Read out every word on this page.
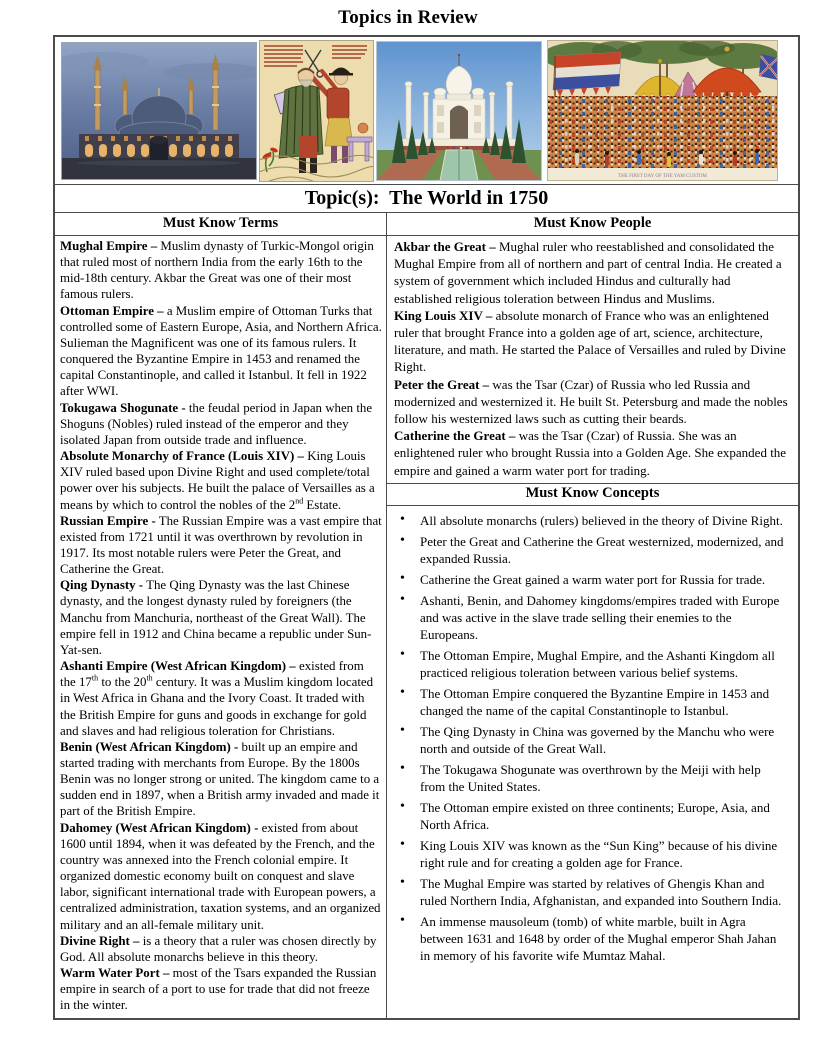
Topics in Review
THE FIRST DAY OF THE YAM CUSTOM
Topic(s):  The World in 1750
Must Know Terms	Must Know People

Mughal Empire – Muslim dynasty of Turkic-Mongol origin that ruled most of northern India from the early 16th to the mid-18th century. Akbar the Great was one of their most famous rulers.

Ottoman Empire – a Muslim empire of Ottoman Turks that controlled some of Eastern Europe, Asia, and Northern Africa. Sulieman the Magnificent was one of its famous rulers. It conquered the Byzantine Empire in 1453 and renamed the capital Constantinople, and called it Istanbul. It fell in 1922 after WWI.

Tokugawa Shogunate - the feudal period in Japan when the Shoguns (Nobles) ruled instead of the emperor and they isolated Japan from outside trade and influence.

Absolute Monarchy of France (Louis XIV) – King Louis XIV ruled based upon Divine Right and used complete/total power over his subjects. He built the palace of Versailles as a means by which to control the nobles of the 2nd Estate.

Russian Empire - The Russian Empire was a vast empire that existed from 1721 until it was overthrown by revolution in 1917. Its most notable rulers were Peter the Great, and Catherine the Great.

Qing Dynasty - The Qing Dynasty was the last Chinese dynasty, and the longest dynasty ruled by foreigners (the Manchu from Manchuria, northeast of the Great Wall). The empire fell in 1912 and China became a republic under Sun-Yat-sen.

Ashanti Empire (West African Kingdom) – existed from the 17th to the 20th century. It was a Muslim kingdom located in West Africa in Ghana and the Ivory Coast. It traded with the British Empire for guns and goods in exchange for gold and slaves and had religious toleration for Christians.

Benin (West African Kingdom) - built up an empire and started trading with merchants from Europe. By the 1800s Benin was no longer strong or united. The kingdom came to a sudden end in 1897, when a British army invaded and made it part of the British Empire.

Dahomey (West African Kingdom) - existed from about 1600 until 1894, when it was defeated by the French, and the country was annexed into the French colonial empire. It organized domestic economy built on conquest and slave labor, significant international trade with European powers, a centralized administration, taxation systems, and an organized military and an all-female military unit.

Divine Right – is a theory that a ruler was chosen directly by God. All absolute monarchs believe in this theory.

Warm Water Port – most of the Tsars expanded the Russian empire in search of a port to use for trade that did not freeze in the winter.

Akbar the Great – Mughal ruler who reestablished and consolidated the Mughal Empire from all of northern and part of central India. He created a system of government which included Hindus and culturally had established religious toleration between Hindus and Muslims.

King Louis XIV – absolute monarch of France who was an enlightened ruler that brought France into a golden age of art, science, architecture, literature, and math. He started the Palace of Versailles and ruled by Divine Right.

Peter the Great – was the Tsar (Czar) of Russia who led Russia and modernized and westernized it. He built St. Petersburg and made the nobles follow his westernized laws such as cutting their beards.

Catherine the Great – was the Tsar (Czar) of Russia. She was an enlightened ruler who brought Russia into a Golden Age. She expanded the empire and gained a warm water port for trading.

Must Know Concepts
• All absolute monarchs (rulers) believed in the theory of Divine Right.
• Peter the Great and Catherine the Great westernized, modernized, and expanded Russia.
• Catherine the Great gained a warm water port for Russia for trade.
• Ashanti, Benin, and Dahomey kingdoms/empires traded with Europe and was active in the slave trade selling their enemies to the Europeans.
• The Ottoman Empire, Mughal Empire, and the Ashanti Kingdom all practiced religious toleration between various belief systems.
• The Ottoman Empire conquered the Byzantine Empire in 1453 and changed the name of the capital Constantinople to Istanbul.
• The Qing Dynasty in China was governed by the Manchu who were north and outside of the Great Wall.
• The Tokugawa Shogunate was overthrown by the Meiji with help from the United States.
• The Ottoman empire existed on three continents; Europe, Asia, and North Africa.
• King Louis XIV was known as the “Sun King” because of his divine right rule and for creating a golden age for France.
• The Mughal Empire was started by relatives of Ghengis Khan and ruled Northern India, Afghanistan, and expanded into Southern India.
• An immense mausoleum (tomb) of white marble, built in Agra between 1631 and 1648 by order of the Mughal emperor Shah Jahan in memory of his favorite wife Mumtaz Mahal.
